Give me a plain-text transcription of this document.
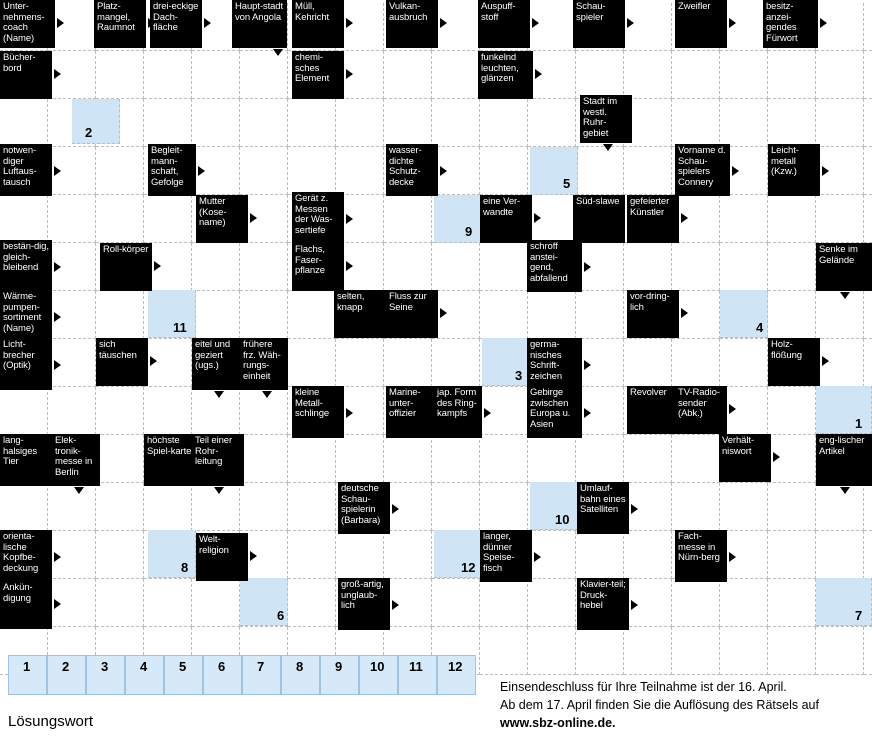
2
5
9
11	4
3
1
10
8	12
6	7
Unter-nehmens-coach (Name)
Platz-mangel, Raumnot
drei-eckige Dach-fläche
Haupt-stadt von Angola
Müll, Kehricht
Vulkan-ausbruch
Auspuff-stoff
Schau-spieler
Zweifler	besitz-anzei-gendes Fürwort
Bücher-bord
chemi-sches Element
funkelnd leuchten, glänzen
Stadt im westl. Ruhr-gebiet
notwen-diger Luftaus-tausch
Begleit-mann-schaft, Gefolge
wasser-dichte Schutz-decke
Vorname d. Schau-spielers Connery
Leicht-metall (Kzw.)
Mutter (Kose-name)
Gerät z. Messen der Was-sertiefe
eine Ver-wandte
Süd-slawe	gefeierter Künstler
bestän-dig, gleich-bleibend
Roll-körper	Flachs, Faser-pflanze
schroff anstei-gend, abfallend
Senke im Gelände
Wärme-pumpen-sortiment (Name)
selten, knapp
Fluss zur Seine
vor-dring-lich
Licht-brecher (Optik)
sich täuschen
eitel und geziert (ugs.)
frühere frz. Wäh-rungs-einheit
germa-nisches Schrift-zeichen
Holz-flößung
kleine Metall-schlinge
Marine-unter-offizier
jap. Form des Ring-kampfs
Gebirge zwischen Europa u. Asien
Revolver	TV-Radio-sender (Abk.)
lang-halsiges Tier
Elek-tronik-messe in Berlin
höchste Spiel-karte
Teil einer Rohr-leitung
Verhält-niswort
eng-lischer Artikel
deutsche Schau-spielerin (Barbara)
Umlauf-bahn eines Satelliten
orienta-lische Kopfbe-deckung
Welt-religion
langer, dünner Speise-fisch
Fach-messe in Nürn-berg
Ankün-digung
groß-artig, unglaub-lich
Klavier-teil; Druck-hebel
Lösungswort
Einsendeschluss für Ihre Teilnahme ist der 16. April.
Ab dem 17. April finden Sie die Auflösung des Rätsels auf
www.sbz-online.de.
1 2 3 4 5 6 7 8 9 10 11 12
